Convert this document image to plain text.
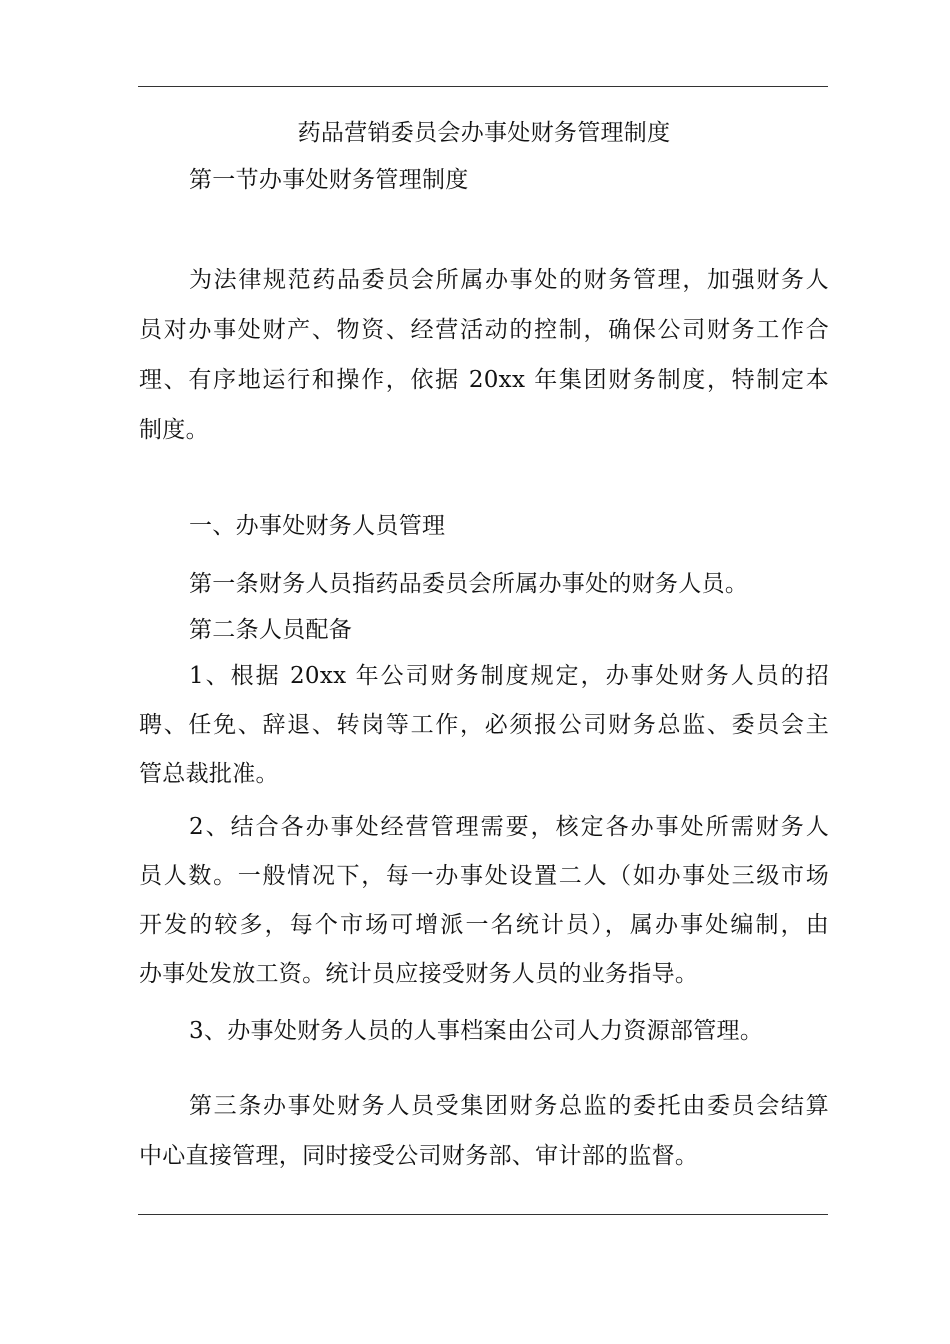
药品营销委员会办事处财务管理制度
第一节办事处财务管理制度
为法律规范药品委员会所属办事处的财务管理，加强财务人
员对办事处财产、物资、经营活动的控制，确保公司财务工作合
理、有序地运行和操作，依据 20xx 年集团财务制度，特制定本
制度。
一、办事处财务人员管理
第一条财务人员指药品委员会所属办事处的财务人员。
第二条人员配备
1、根据 20xx 年公司财务制度规定，办事处财务人员的招
聘、任免、辞退、转岗等工作，必须报公司财务总监、委员会主
管总裁批准。
2、结合各办事处经营管理需要，核定各办事处所需财务人
员人数。一般情况下，每一办事处设置二人（如办事处三级市场
开发的较多，每个市场可增派一名统计员），属办事处编制，由
办事处发放工资。统计员应接受财务人员的业务指导。
3、办事处财务人员的人事档案由公司人力资源部管理。
第三条办事处财务人员受集团财务总监的委托由委员会结算
中心直接管理，同时接受公司财务部、审计部的监督。
